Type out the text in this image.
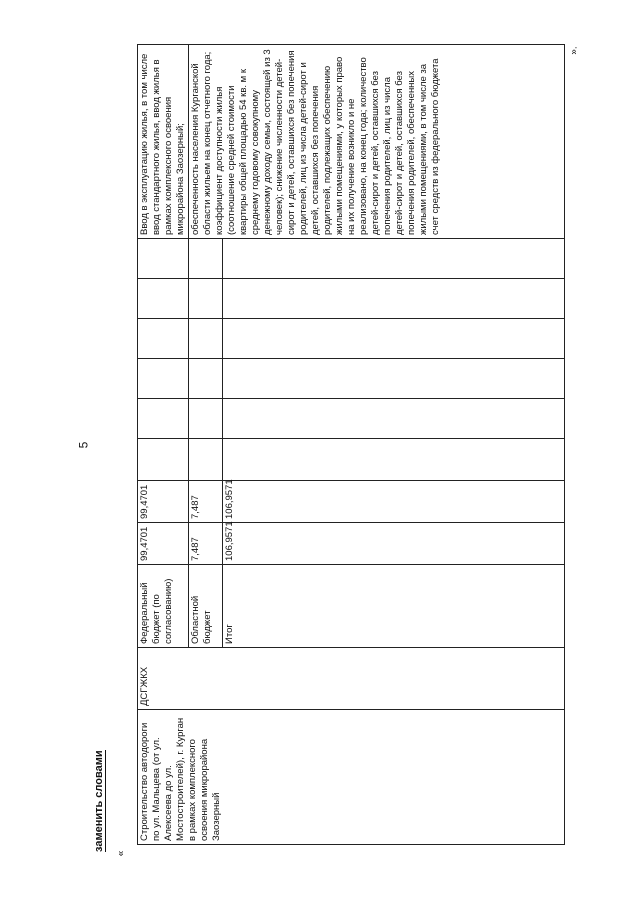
5
заменить словами
«
».
Строительство автодороги по ул. Мальцева (от ул. Алексеева до ул. Мостостроителей), г. Курган в рамках комплексного освоения микрорайона Заозерный	ДСГЖКХ	Федеральный бюджет (по согласованию)	99,4701	99,4701							Ввод в эксплуатацию жилья, в том числе ввод стандартного жилья, ввод жилья в рамках комплексного освоения микрорайона Заозерный;
		Областной бюджет	7,487	7,487							обеспеченность населения Курганской области жильем на конец отчетного года; коэффициент доступности жилья (соотношение средней стоимости квартиры общей площадью 54 кв. м к среднему годовому совокупному денежному доходу семьи, состоящей из 3 человек); снижение численности детей-сирот и детей, оставшихся без попечения родителей, лиц из числа детей-сирот и детей, оставшихся без попечения родителей, подлежащих обеспечению жилыми помещениями, у которых право на их получение возникло и не реализовано, на конец года; количество детей-сирот и детей, оставшихся без попечения родителей, лиц из числа детей-сирот и детей, оставшихся без попечения родителей, обеспеченных жилыми помещениями, в том числе за счет средств из федерального бюджета
		Итог	106,9571	106,9571							
